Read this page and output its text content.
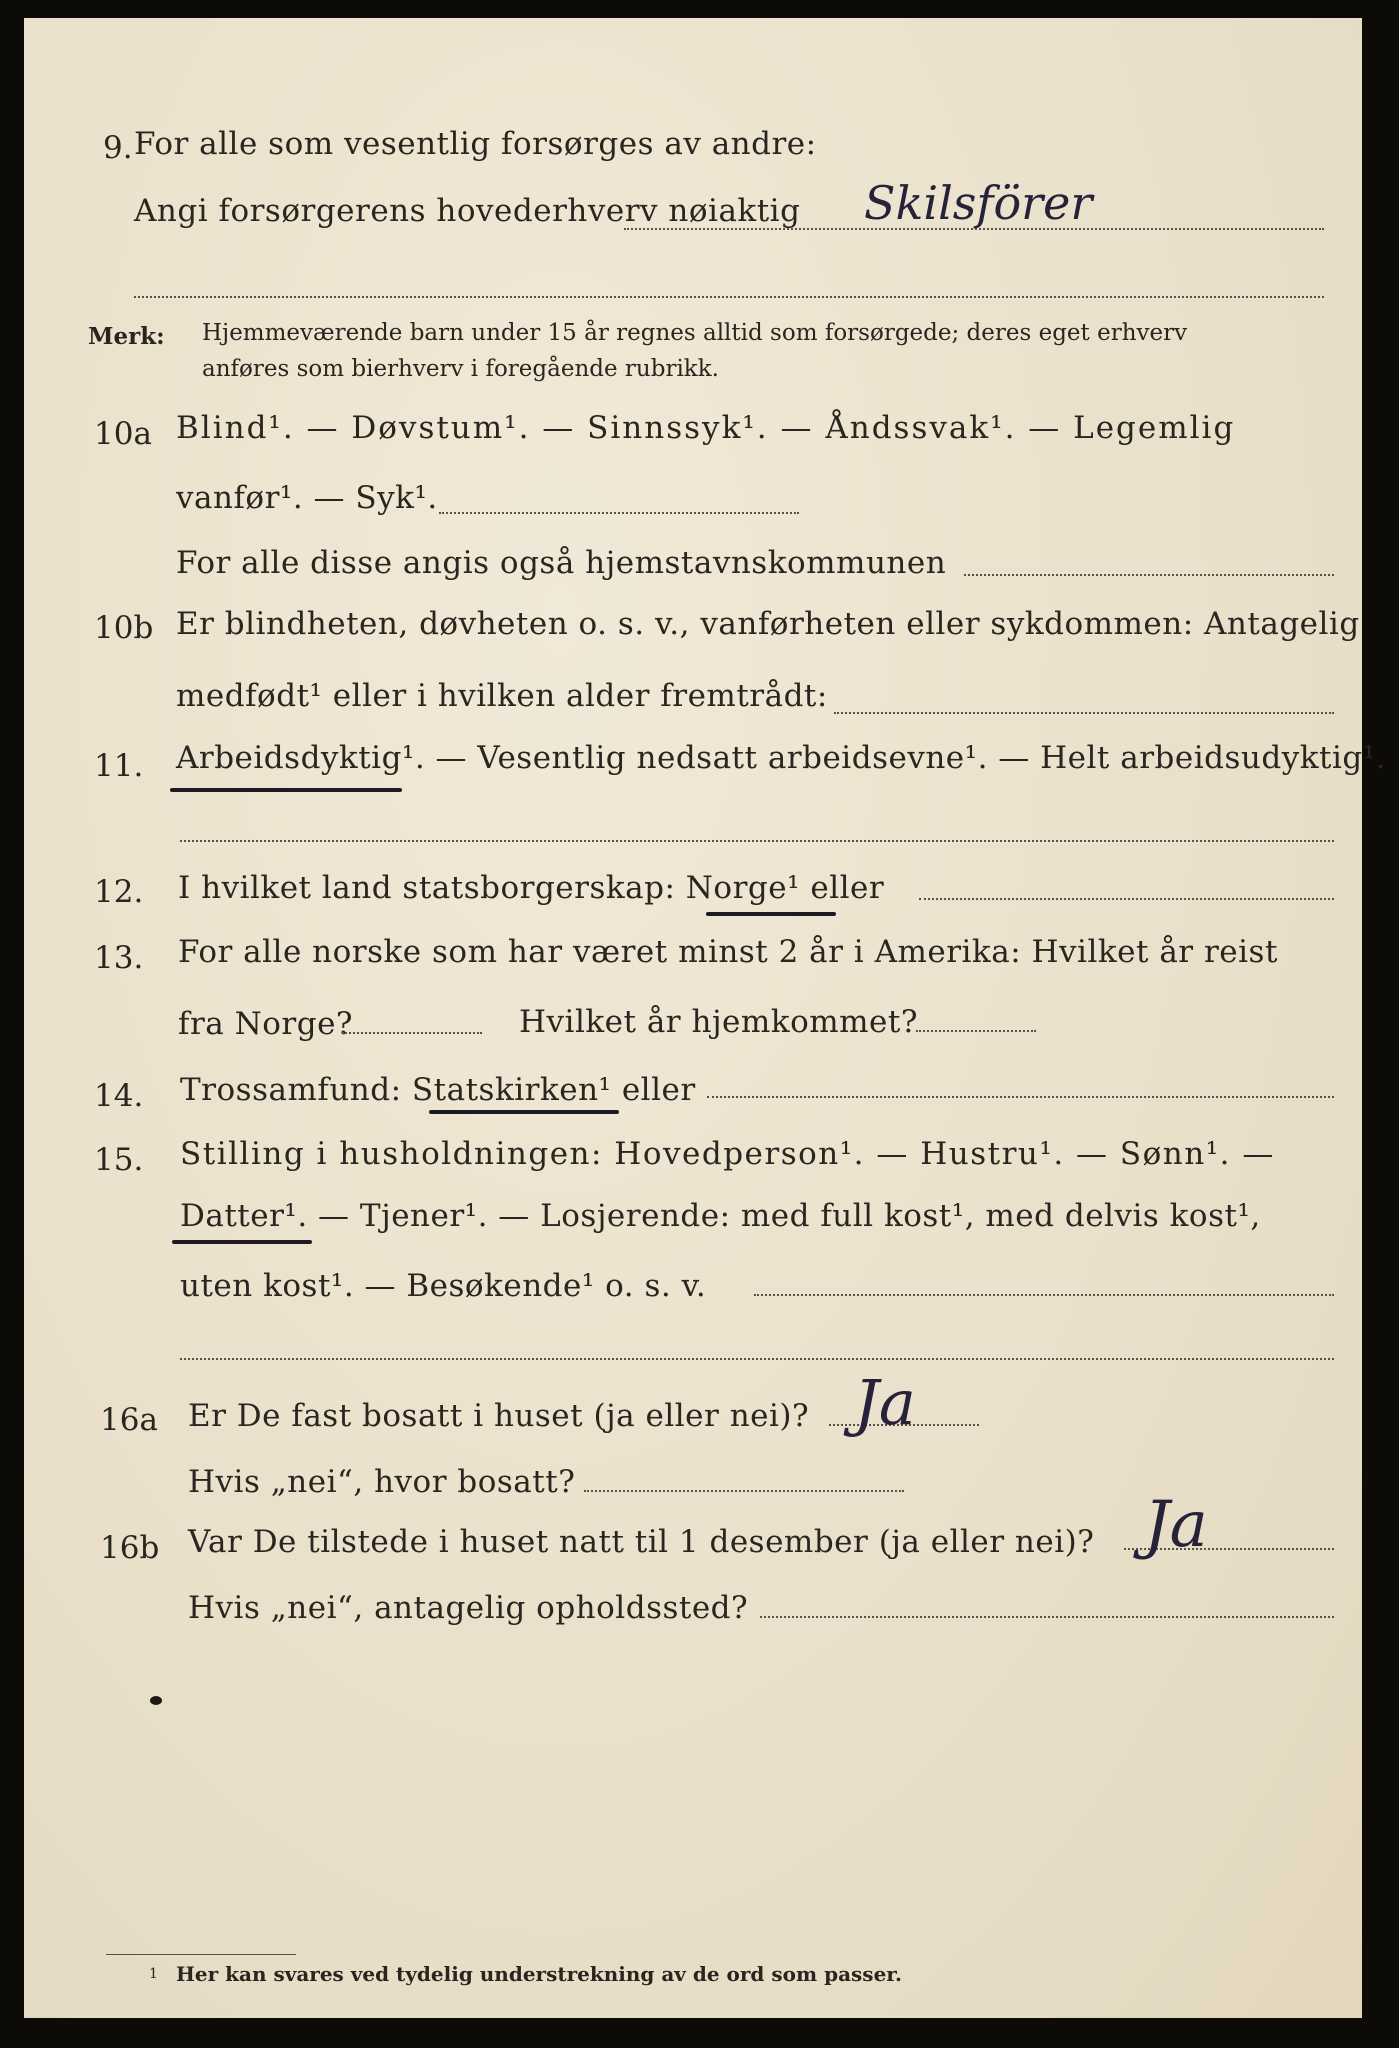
9. For alle som vesentlig forsørges av andre:
Angi forsørgerens hovederhverv nøiaktig Skilsförer
Merk: Hjemmeværende barn under 15 år regnes alltid som forsørgede; deres eget erhverv
anføres som bierhverv i foregående rubrikk.
10a Blind¹. — Døvstum¹. — Sinnssyk¹. — Åndssvak¹. — Legemlig
vanfør¹. — Syk¹.
For alle disse angis også hjemstavnskommunen
10b Er blindheten, døvheten o. s. v., vanførheten eller sykdommen: Antagelig
medfødt¹ eller i hvilken alder fremtrådt:
11. Arbeidsdyktig¹. — Vesentlig nedsatt arbeidsevne¹. — Helt arbeidsudyktig¹.
12. I hvilket land statsborgerskap: Norge¹ eller
13. For alle norske som har været minst 2 år i Amerika: Hvilket år reist
fra Norge?	Hvilket år hjemkommet?
14. Trossamfund: Statskirken¹ eller
15. Stilling i husholdningen: Hovedperson¹. — Hustru¹. — Sønn¹. —
Datter¹. — Tjener¹. — Losjerende: med full kost¹, med delvis kost¹,
uten kost¹. — Besøkende¹ o. s. v.
16a Er De fast bosatt i huset (ja eller nei)? Ja
Hvis „nei“, hvor bosatt?
16b Var De tilstede i huset natt til 1 desember (ja eller nei)? Ja
Hvis „nei“, antagelig opholdssted?
1 Her kan svares ved tydelig understrekning av de ord som passer.
